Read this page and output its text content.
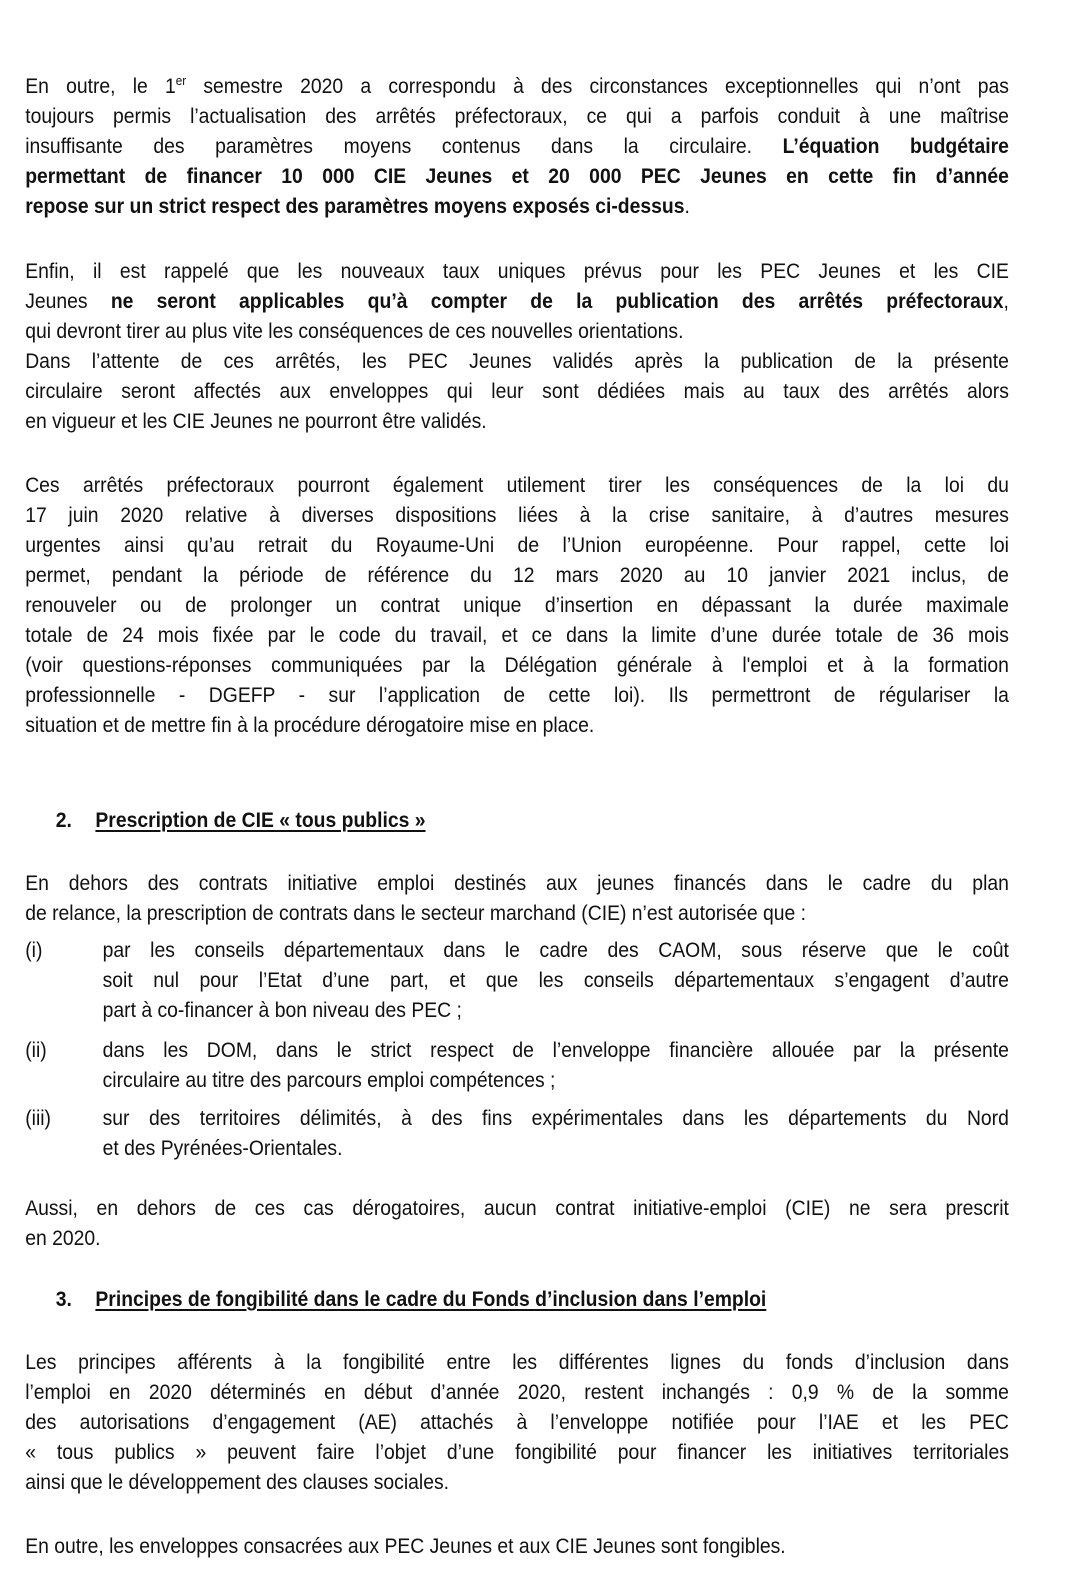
En outre, le 1er semestre 2020 a correspondu à des circonstances exceptionnelles qui n’ont pas
toujours permis l’actualisation des arrêtés préfectoraux, ce qui a parfois conduit à une maîtrise
insuffisante des paramètres moyens contenus dans la circulaire. L’équation budgétaire
permettant de financer 10 000 CIE Jeunes et 20 000 PEC Jeunes en cette fin d’année
repose sur un strict respect des paramètres moyens exposés ci-dessus.
Enfin, il est rappelé que les nouveaux taux uniques prévus pour les PEC Jeunes et les CIE
Jeunes ne seront applicables qu’à compter de la publication des arrêtés préfectoraux,
qui devront tirer au plus vite les conséquences de ces nouvelles orientations.
Dans l’attente de ces arrêtés, les PEC Jeunes validés après la publication de la présente
circulaire seront affectés aux enveloppes qui leur sont dédiées mais au taux des arrêtés alors
en vigueur et les CIE Jeunes ne pourront être validés.
Ces arrêtés préfectoraux pourront également utilement tirer les conséquences de la loi du
17 juin 2020 relative à diverses dispositions liées à la crise sanitaire, à d’autres mesures
urgentes ainsi qu’au retrait du Royaume-Uni de l’Union européenne. Pour rappel, cette loi
permet, pendant la période de référence du 12 mars 2020 au 10 janvier 2021 inclus, de
renouveler ou de prolonger un contrat unique d’insertion en dépassant la durée maximale
totale de 24 mois fixée par le code du travail, et ce dans la limite d’une durée totale de 36 mois
(voir questions-réponses communiquées par la Délégation générale à l'emploi et à la formation
professionnelle - DGEFP - sur l’application de cette loi). Ils permettront de régulariser la
situation et de mettre fin à la procédure dérogatoire mise en place.
2. Prescription de CIE « tous publics »
En dehors des contrats initiative emploi destinés aux jeunes financés dans le cadre du plan
de relance, la prescription de contrats dans le secteur marchand (CIE) n’est autorisée que :
(i)	par les conseils départementaux dans le cadre des CAOM, sous réserve que le coût
soit nul pour l’Etat d’une part, et que les conseils départementaux s’engagent d’autre
part à co-financer à bon niveau des PEC ;
(ii)	dans les DOM, dans le strict respect de l’enveloppe financière allouée par la présente
circulaire au titre des parcours emploi compétences ;
(iii) sur des territoires délimités, à des fins expérimentales dans les départements du Nord
et des Pyrénées-Orientales.
Aussi, en dehors de ces cas dérogatoires, aucun contrat initiative-emploi (CIE) ne sera prescrit
en 2020.
3. Principes de fongibilité dans le cadre du Fonds d’inclusion dans l’emploi
Les principes afférents à la fongibilité entre les différentes lignes du fonds d’inclusion dans
l’emploi en 2020 déterminés en début d’année 2020, restent inchangés : 0,9 % de la somme
des autorisations d’engagement (AE) attachés à l’enveloppe notifiée pour l’IAE et les PEC
« tous publics » peuvent faire l’objet d’une fongibilité pour financer les initiatives territoriales
ainsi que le développement des clauses sociales.
En outre, les enveloppes consacrées aux PEC Jeunes et aux CIE Jeunes sont fongibles.
